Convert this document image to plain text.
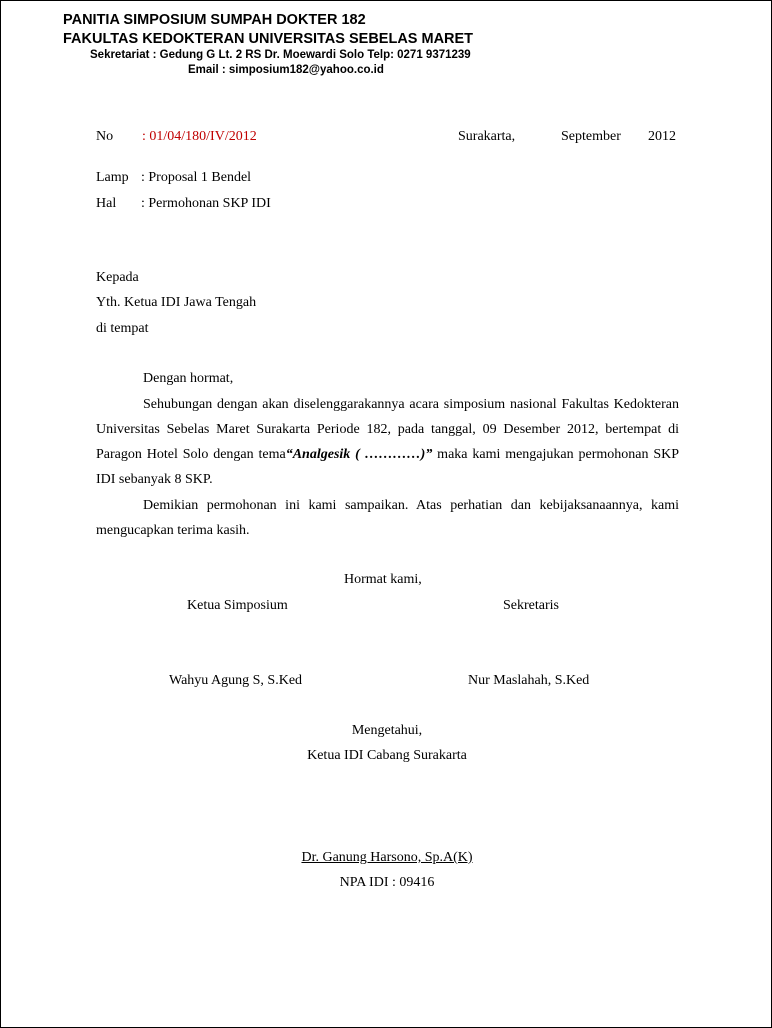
PANITIA SIMPOSIUM SUMPAH DOKTER 182
FAKULTAS KEDOKTERAN UNIVERSITAS SEBELAS MARET
Sekretariat : Gedung G Lt. 2 RS Dr. Moewardi Solo Telp: 0271 9371239
Email : simposium182@yahoo.co.id
No : 01/04/180/IV/2012	Surakarta,	September 2012
Lamp : Proposal 1 Bendel
Hal : Permohonan SKP IDI
Kepada
Yth. Ketua IDI Jawa Tengah
di tempat
Dengan hormat,
Sehubungan dengan akan diselenggarakannya acara simposium nasional Fakultas Kedokteran Universitas Sebelas Maret Surakarta Periode 182, pada tanggal, 09 Desember 2012, bertempat di Paragon Hotel Solo dengan tema“Analgesik ( …………)” maka kami mengajukan permohonan SKP IDI sebanyak 8 SKP.
Demikian permohonan ini kami sampaikan. Atas perhatian dan kebijaksanaannya, kami mengucapkan terima kasih.
Hormat kami,
Ketua Simposium	Sekretaris
Wahyu Agung S, S.Ked	Nur Maslahah, S.Ked
Mengetahui,
Ketua IDI Cabang Surakarta
Dr. Ganung Harsono, Sp.A(K)
NPA IDI : 09416
